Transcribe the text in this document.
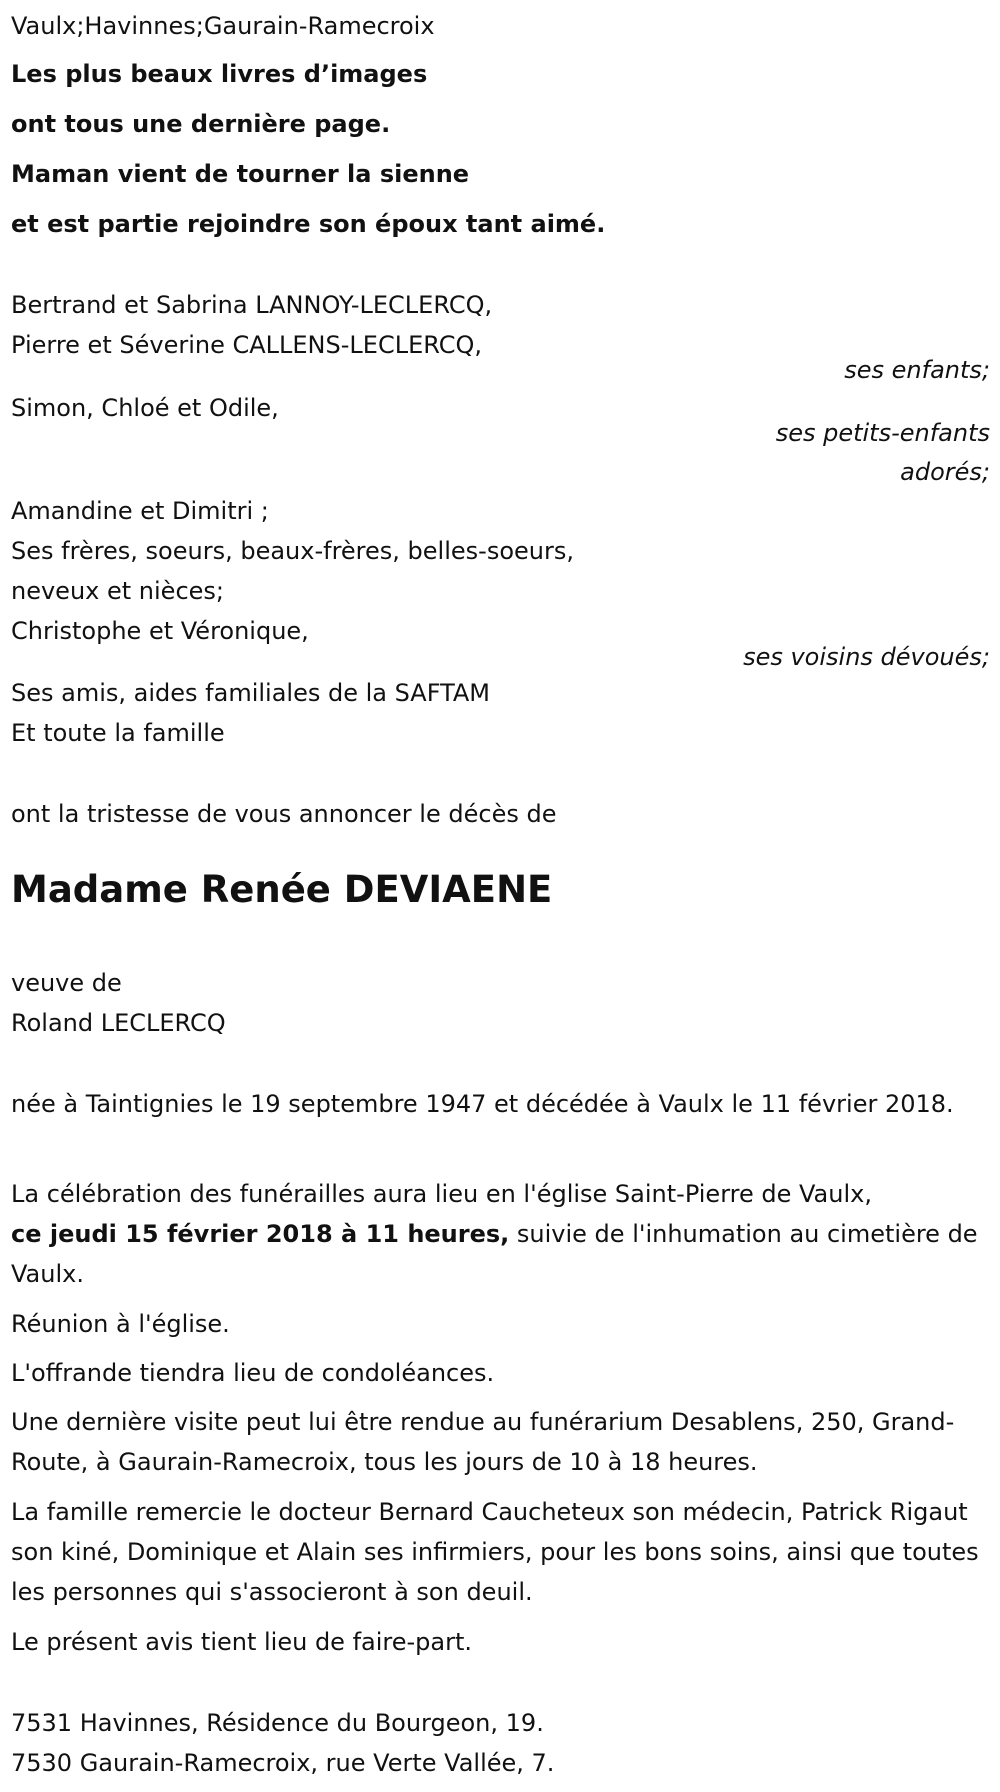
Vaulx;Havinnes;Gaurain-Ramecroix
Les plus beaux livres d’images
ont tous une dernière page.
Maman vient de tourner la sienne
et est partie rejoindre son époux tant aimé.
Bertrand et Sabrina LANNOY-LECLERCQ,
Pierre et Séverine CALLENS-LECLERCQ,
ses enfants;
Simon, Chloé et Odile,
ses petits-enfants
adorés;
Amandine et Dimitri ;
Ses frères, soeurs, beaux-frères, belles-soeurs,
neveux et nièces;
Christophe et Véronique,
ses voisins dévoués;
Ses amis, aides familiales de la SAFTAM
Et toute la famille
ont la tristesse de vous annoncer le décès de
Madame Renée DEVIAENE
veuve de
Roland LECLERCQ

née à Taintignies le 19 septembre 1947 et décédée à Vaulx le 11 février 2018.

La célébration des funérailles aura lieu en l'église Saint-Pierre de Vaulx,
ce jeudi 15 février 2018 à 11 heures, suivie de l'inhumation au cimetière de Vaulx.

Réunion à l'église.

L'offrande tiendra lieu de condoléances.

Une dernière visite peut lui être rendue au funérarium Desablens, 250, Grand-Route, à Gaurain-Ramecroix, tous les jours de 10 à 18 heures.

La famille remercie le docteur Bernard Caucheteux son médecin, Patrick Rigaut son kiné, Dominique et Alain ses infirmiers, pour les bons soins, ainsi que toutes les personnes qui s'associeront à son deuil.

Le présent avis tient lieu de faire-part.

7531 Havinnes, Résidence du Bourgeon, 19.
7530 Gaurain-Ramecroix, rue Verte Vallée, 7.
